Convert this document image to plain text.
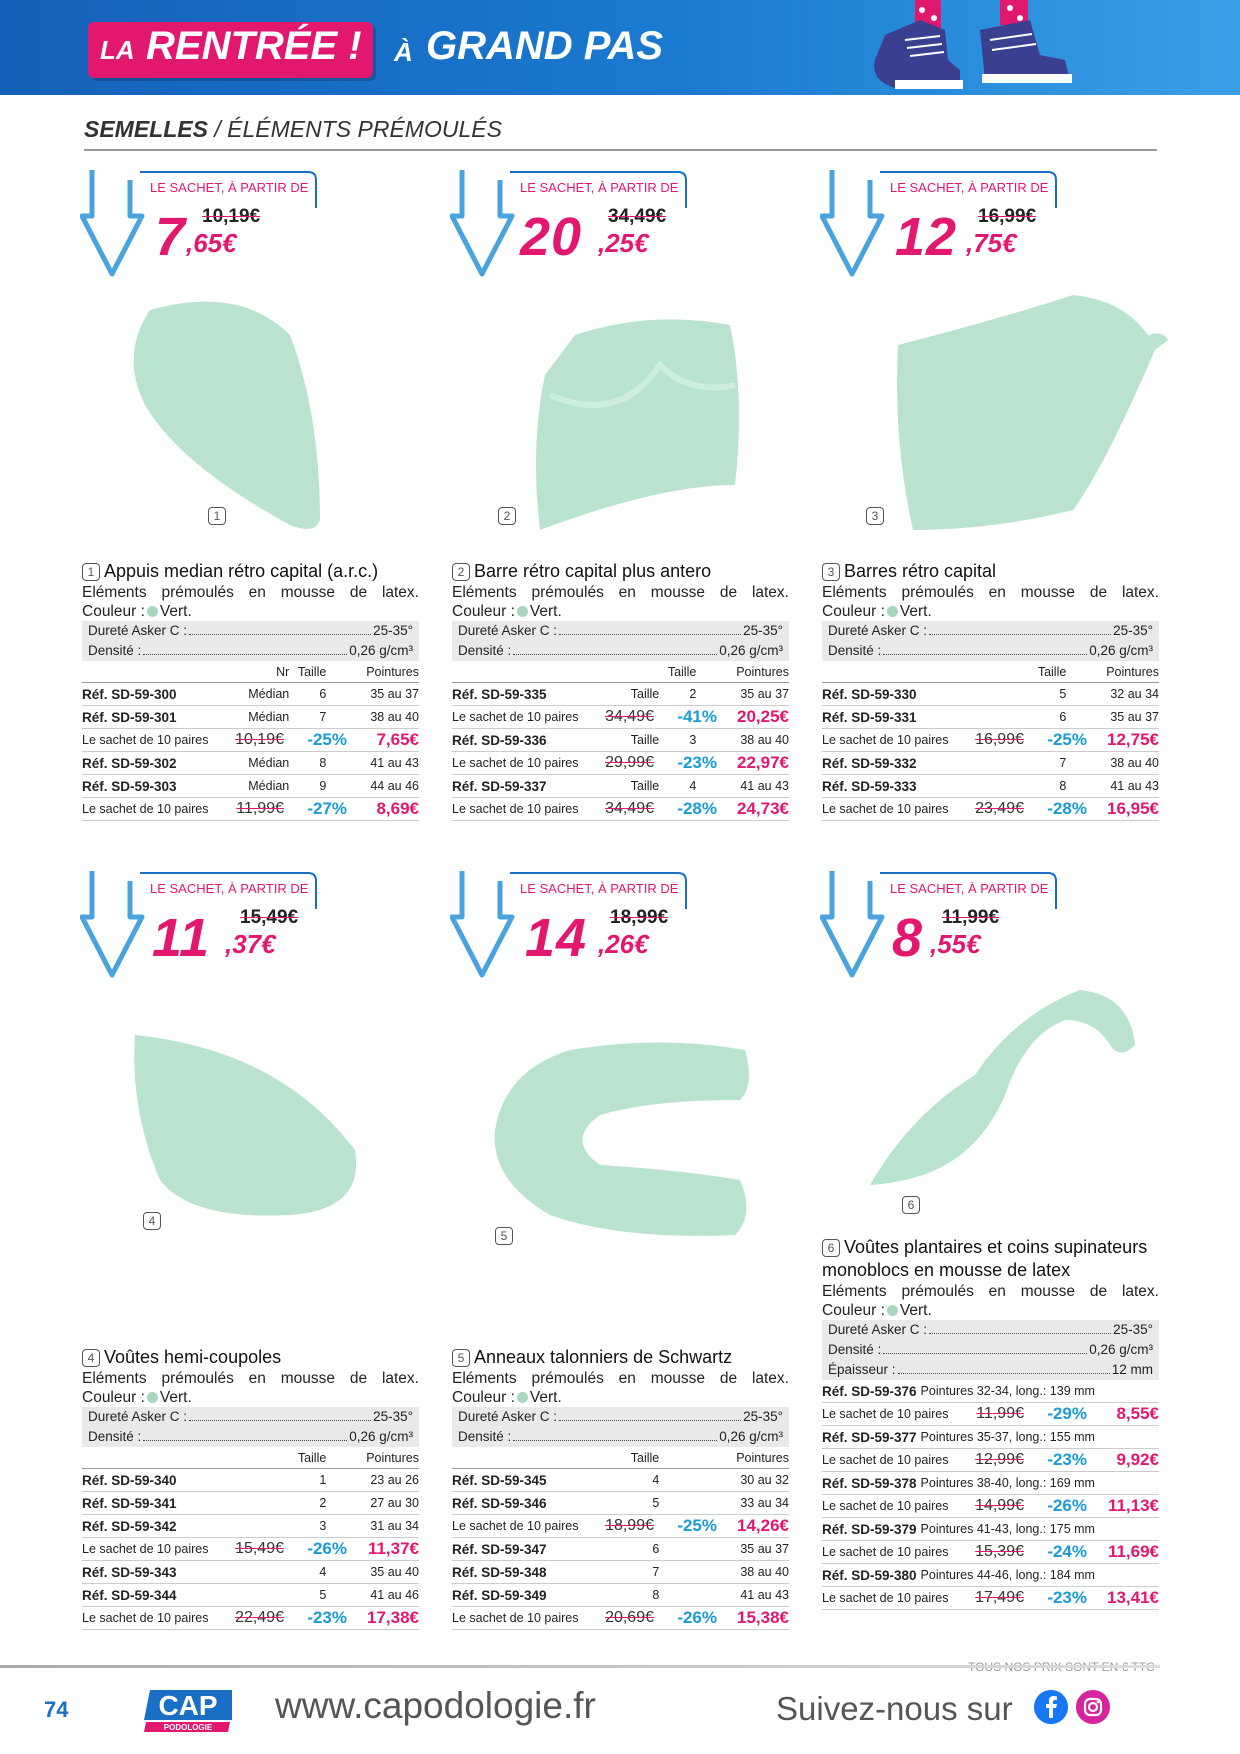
LA RENTRÉE ! À GRAND PAS
SEMELLES / ÉLÉMENTS PRÉMOULÉS
LE SACHET, À PARTIR DE
7 ,65€
10,19€
LE SACHET, À PARTIR DE
20 ,25€
34,49€
LE SACHET, À PARTIR DE
12 ,75€
16,99€
LE SACHET, À PARTIR DE
11 ,37€
15,49€
LE SACHET, À PARTIR DE
14 ,26€
18,99€
LE SACHET, À PARTIR DE
8 ,55€
11,99€
1	2	3
4
5
6
1 Appuis median rétro capital (a.r.c.)
Eléments prémoulés en mousse de latex.
Couleur : Vert.
Dureté Asker C :	25-35°
Densité :	0,26 g/cm³
Nr Taille	Pointures
Réf. SD-59-300	Médian 6	35 au 37
Réf. SD-59-301	Médian 7	38 au 40
Le sachet de 10 paires 10,19€ -25% 7,65€
Réf. SD-59-302	Médian 8	41 au 43
Réf. SD-59-303	Médian 9	44 au 46
Le sachet de 10 paires 11,99€ -27% 8,69€
2 Barre rétro capital plus antero
Eléments prémoulés en mousse de latex.
Couleur : Vert.
Dureté Asker C :	25-35°
Densité :	0,26 g/cm³
Taille	Pointures
Réf. SD-59-335	Taille 2	35 au 37
Le sachet de 10 paires 34,49€ -41% 20,25€
Réf. SD-59-336	Taille 3	38 au 40
Le sachet de 10 paires 29,99€ -23% 22,97€
Réf. SD-59-337	Taille 4	41 au 43
Le sachet de 10 paires 34,49€ -28% 24,73€
3 Barres rétro capital
Eléments prémoulés en mousse de latex.
Couleur : Vert.
Dureté Asker C :	25-35°
Densité :	0,26 g/cm³
Taille	Pointures
Réf. SD-59-330	5	32 au 34
Réf. SD-59-331	6	35 au 37
Le sachet de 10 paires 16,99€ -25% 12,75€
Réf. SD-59-332	7	38 au 40
Réf. SD-59-333	8	41 au 43
Le sachet de 10 paires 23,49€ -28% 16,95€
4 Voûtes hemi-coupoles
Eléments prémoulés en mousse de latex.
Couleur : Vert.
Dureté Asker C :	25-35°
Densité :	0,26 g/cm³
Taille	Pointures
Réf. SD-59-340	1	23 au 26
Réf. SD-59-341	2	27 au 30
Réf. SD-59-342	3	31 au 34
Le sachet de 10 paires 15,49€ -26% 11,37€
Réf. SD-59-343	4	35 au 40
Réf. SD-59-344	5	41 au 46
Le sachet de 10 paires 22,49€ -23% 17,38€
5 Anneaux talonniers de Schwartz
Eléments prémoulés en mousse de latex.
Couleur : Vert.
Dureté Asker C :	25-35°
Densité :	0,26 g/cm³
Taille	Pointures
Réf. SD-59-345	4	30 au 32
Réf. SD-59-346	5	33 au 34
Le sachet de 10 paires 18,99€ -25% 14,26€
Réf. SD-59-347	6	35 au 37
Réf. SD-59-348	7	38 au 40
Réf. SD-59-349	8	41 au 43
Le sachet de 10 paires 20,69€ -26% 15,38€
6 Voûtes plantaires et coins supinateurs monoblocs en mousse de latex
Eléments prémoulés en mousse de latex.
Couleur : Vert.
Dureté Asker C :	25-35°
Densité :	0,26 g/cm³
Épaisseur :	12 mm
Réf. SD-59-376 Pointures 32-34, long.: 139 mm
Le sachet de 10 paires 11,99€ -29% 8,55€
Réf. SD-59-377 Pointures 35-37, long.: 155 mm
Le sachet de 10 paires 12,99€ -23% 9,92€
Réf. SD-59-378 Pointures 38-40, long.: 169 mm
Le sachet de 10 paires 14,99€ -26% 11,13€
Réf. SD-59-379 Pointures 41-43, long.: 175 mm
Le sachet de 10 paires 15,39€ -24% 11,69€
Réf. SD-59-380 Pointures 44-46, long.: 184 mm
Le sachet de 10 paires 17,49€ -23% 13,41€
74	CAP
PODOLOGIE
www.capodologie.fr	Suivez-nous sur
